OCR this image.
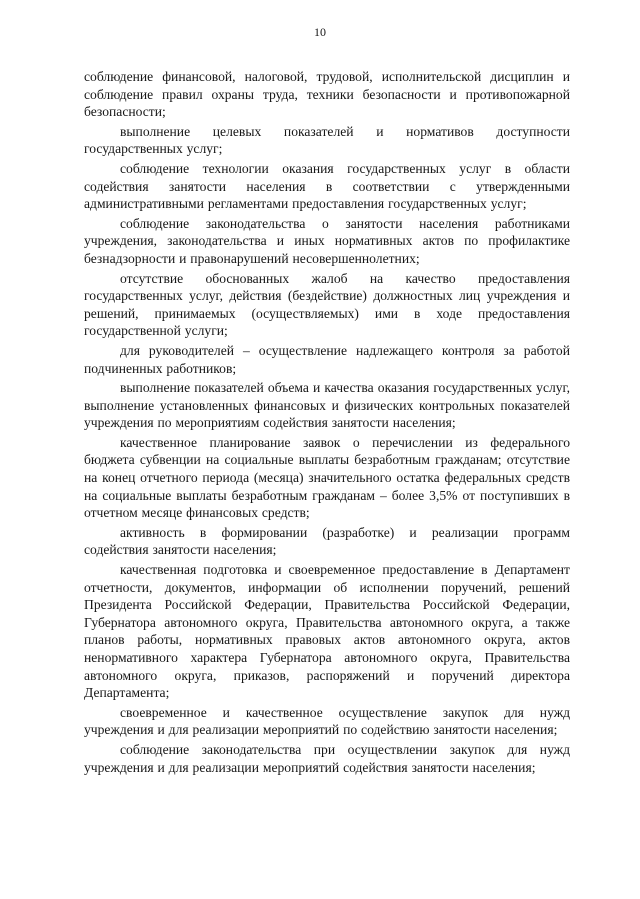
10

соблюдение финансовой, налоговой, трудовой, исполнительской дисциплин и соблюдение правил охраны труда, техники безопасности и противопожарной безопасности;

выполнение целевых показателей и нормативов доступности государственных услуг;

соблюдение технологии оказания государственных услуг в области содействия занятости населения в соответствии с утвержденными административными регламентами предоставления государственных услуг;

соблюдение законодательства о занятости населения работниками учреждения, законодательства и иных нормативных актов по профилактике безнадзорности и правонарушений несовершеннолетних;

отсутствие обоснованных жалоб на качество предоставления государственных услуг, действия (бездействие) должностных лиц учреждения и решений, принимаемых (осуществляемых) ими в ходе предоставления государственной услуги;

для руководителей – осуществление надлежащего контроля за работой подчиненных работников;

выполнение показателей объема и качества оказания государственных услуг, выполнение установленных финансовых и физических контрольных показателей учреждения по мероприятиям содействия занятости населения;

качественное планирование заявок о перечислении из федерального бюджета субвенции на социальные выплаты безработным гражданам; отсутствие на конец отчетного периода (месяца) значительного остатка федеральных средств на социальные выплаты безработным гражданам – более 3,5% от поступивших в отчетном месяце финансовых средств;

активность в формировании (разработке) и реализации программ содействия занятости населения;

качественная подготовка и своевременное предоставление в Департамент отчетности, документов, информации об исполнении поручений, решений Президента Российской Федерации, Правительства Российской Федерации, Губернатора автономного округа, Правительства автономного округа, а также планов работы, нормативных правовых актов автономного округа, актов ненормативного характера Губернатора автономного округа, Правительства автономного округа, приказов, распоряжений и поручений директора Департамента;

своевременное и качественное осуществление закупок для нужд учреждения и для реализации мероприятий по содействию занятости населения;

соблюдение законодательства при осуществлении закупок для нужд учреждения и для реализации мероприятий содействия занятости населения;
